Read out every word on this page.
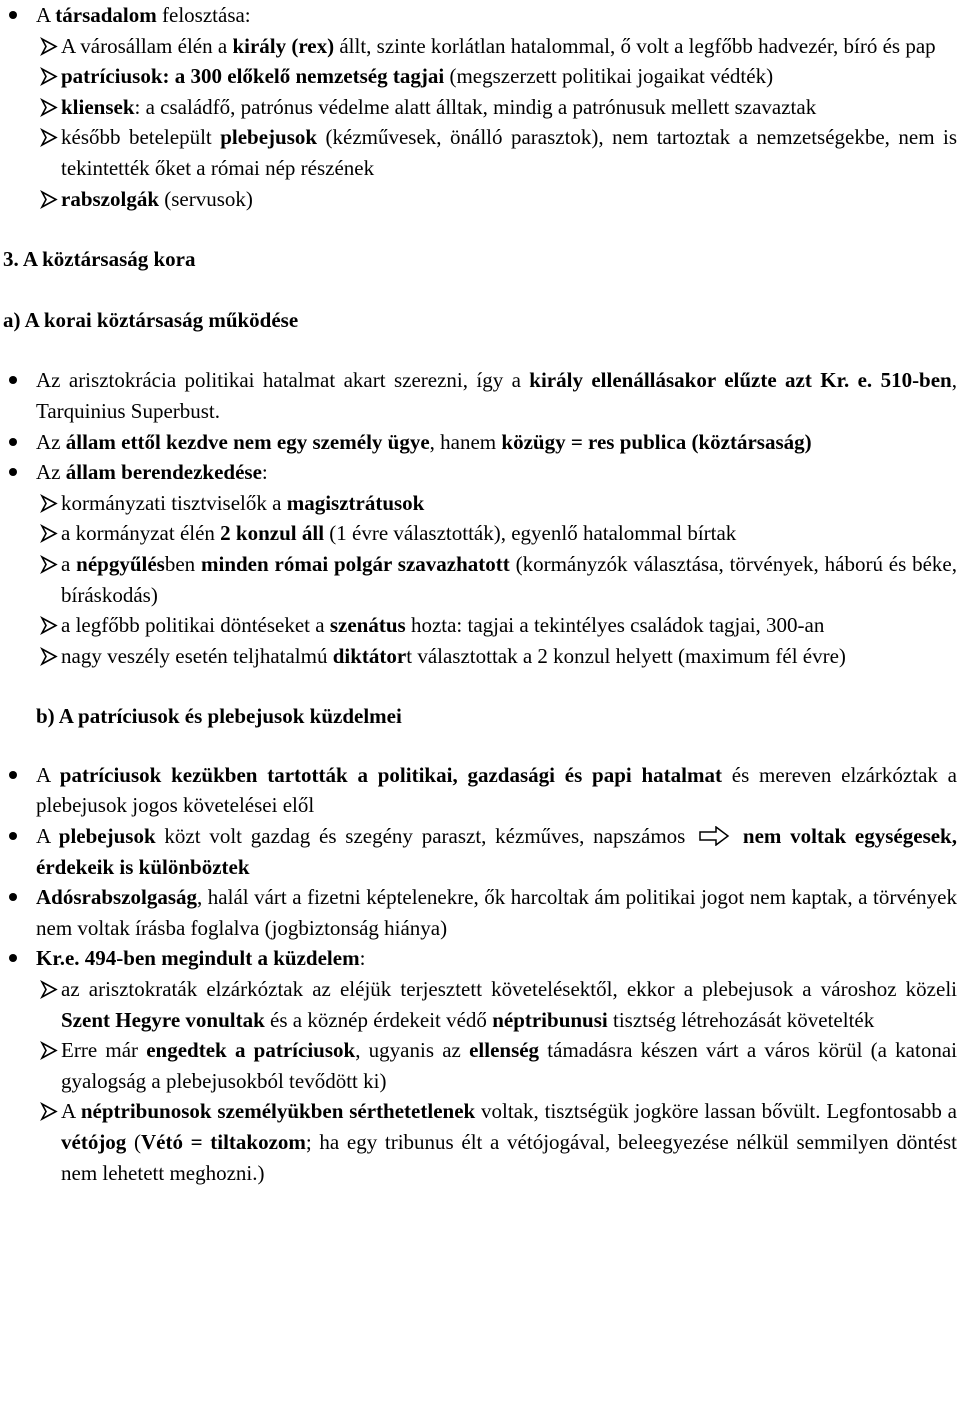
A társadalom felosztása:
A városállam élén a király (rex) állt, szinte korlátlan hatalommal, ő volt a legfőbb hadvezér, bíró és pap
patríciusok: a 300 előkelő nemzetség tagjai (megszerzett politikai jogaikat védték)
kliensek: a családfő, patrónus védelme alatt álltak, mindig a patrónusuk mellett szavaztak
később betelepült plebejusok (kézművesek, önálló parasztok), nem tartoztak a nemzetségekbe, nem is tekintették őket a római nép részének
rabszolgák (servusok)
3. A köztársaság kora
a) A korai köztársaság működése
Az arisztokrácia politikai hatalmat akart szerezni, így a király ellenállásakor elűzte azt Kr. e. 510-ben, Tarquinius Superbust.
Az állam ettől kezdve nem egy személy ügye, hanem közügy = res publica (köztársaság)
Az állam berendezkedése:
kormányzati tisztviselők a magisztrátusok
a kormányzat élén 2 konzul áll (1 évre választották), egyenlő hatalommal bírtak
a népgyűlésben minden római polgár szavazhatott (kormányzók választása, törvények, háború és béke, bíráskodás)
a legfőbb politikai döntéseket a szenátus hozta: tagjai a tekintélyes családok tagjai, 300-an
nagy veszély esetén teljhatalmú diktátort választottak a 2 konzul helyett (maximum fél évre)
b) A patríciusok és plebejusok küzdelmei
A patríciusok kezükben tartották a politikai, gazdasági és papi hatalmat és mereven elzárkóztak a plebejusok jogos követelései elől
A plebejusok közt volt gazdag és szegény paraszt, kézműves, napszámos  nem voltak egységesek, érdekeik is különböztek
Adósrabszolgaság, halál várt a fizetni képtelenekre, ők harcoltak ám politikai jogot nem kaptak, a törvények nem voltak írásba foglalva (jogbiztonság hiánya)
Kr.e. 494-ben megindult a küzdelem:
az arisztokraták elzárkóztak az eléjük terjesztett követelésektől, ekkor a plebejusok a városhoz közeli Szent Hegyre vonultak és a köznép érdekeit védő néptribunusi tisztség létrehozását követelték
Erre már engedtek a patríciusok, ugyanis az ellenség támadásra készen várt a város körül (a katonai gyalogság a plebejusokból tevődött ki)
A néptribunosok személyükben sérthetetlenek voltak, tisztségük jogköre lassan bővült. Legfontosabb a vétójog (Vétó = tiltakozom; ha egy tribunus élt a vétójogával, beleegyezése nélkül semmilyen döntést nem lehetett meghozni.)
